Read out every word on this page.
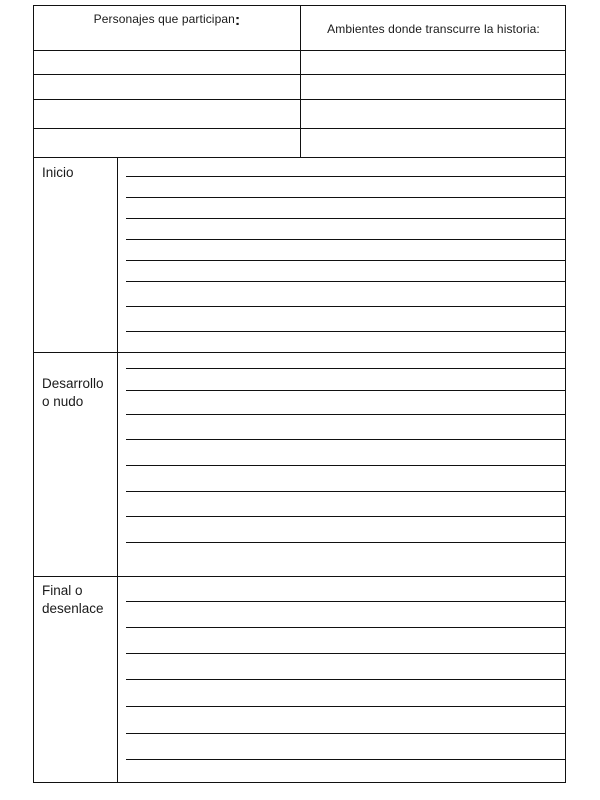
Personajes que participan:	Ambientes donde transcurre la historia:
Inicio
Desarrollo
o nudo
Final o
desenlace
